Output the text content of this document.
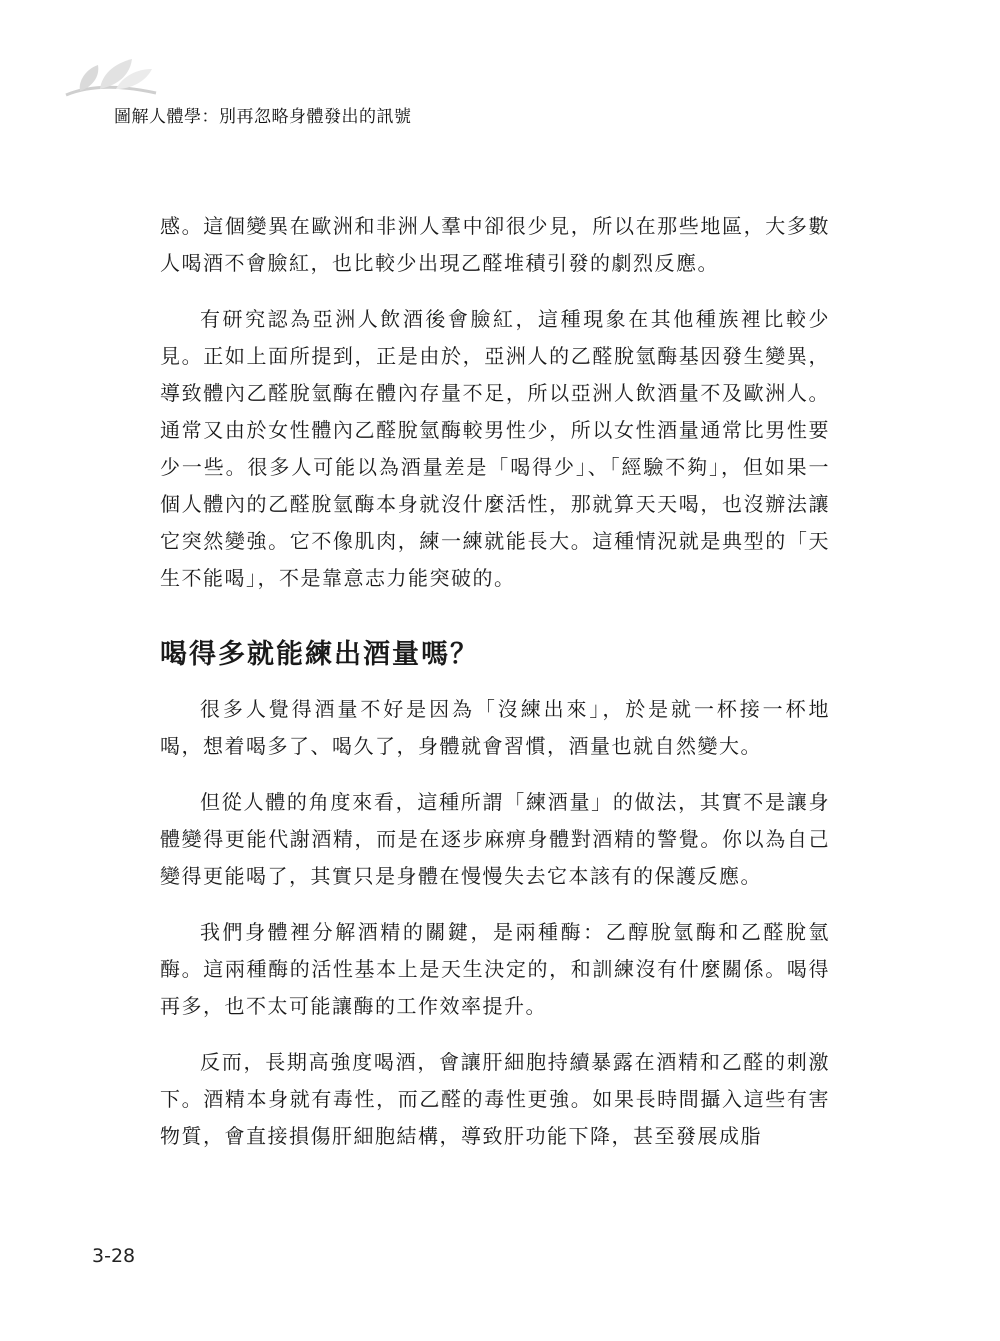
圖解人體學：別再忽略身體發出的訊號

感。這個變異在歐洲和非洲人羣中卻很少見，所以在那些地區，大多數人喝酒不會臉紅，也比較少出現乙醛堆積引發的劇烈反應。

有研究認為亞洲人飲酒後會臉紅，這種現象在其他種族裡比較少見。正如上面所提到，正是由於，亞洲人的乙醛脫氫酶基因發生變異，導致體內乙醛脫氫酶在體內存量不足，所以亞洲人飲酒量不及歐洲人。通常又由於女性體內乙醛脫氫酶較男性少，所以女性酒量通常比男性要少一些。很多人可能以為酒量差是「喝得少」、「經驗不夠」，但如果一個人體內的乙醛脫氫酶本身就沒什麼活性，那就算天天喝，也沒辦法讓它突然變強。它不像肌肉，練一練就能長大。這種情況就是典型的「天生不能喝」，不是靠意志力能突破的。

喝得多就能練出酒量嗎？

很多人覺得酒量不好是因為「沒練出來」，於是就一杯接一杯地喝，想着喝多了、喝久了，身體就會習慣，酒量也就自然變大。

但從人體的角度來看，這種所謂「練酒量」的做法，其實不是讓身體變得更能代謝酒精，而是在逐步麻痹身體對酒精的警覺。你以為自己變得更能喝了，其實只是身體在慢慢失去它本該有的保護反應。

我們身體裡分解酒精的關鍵，是兩種酶：乙醇脫氫酶和乙醛脫氫酶。這兩種酶的活性基本上是天生決定的，和訓練沒有什麼關係。喝得再多，也不太可能讓酶的工作效率提升。

反而，長期高強度喝酒，會讓肝細胞持續暴露在酒精和乙醛的刺激下。酒精本身就有毒性，而乙醛的毒性更強。如果長時間攝入這些有害物質，會直接損傷肝細胞結構，導致肝功能下降，甚至發展成脂

3-28
